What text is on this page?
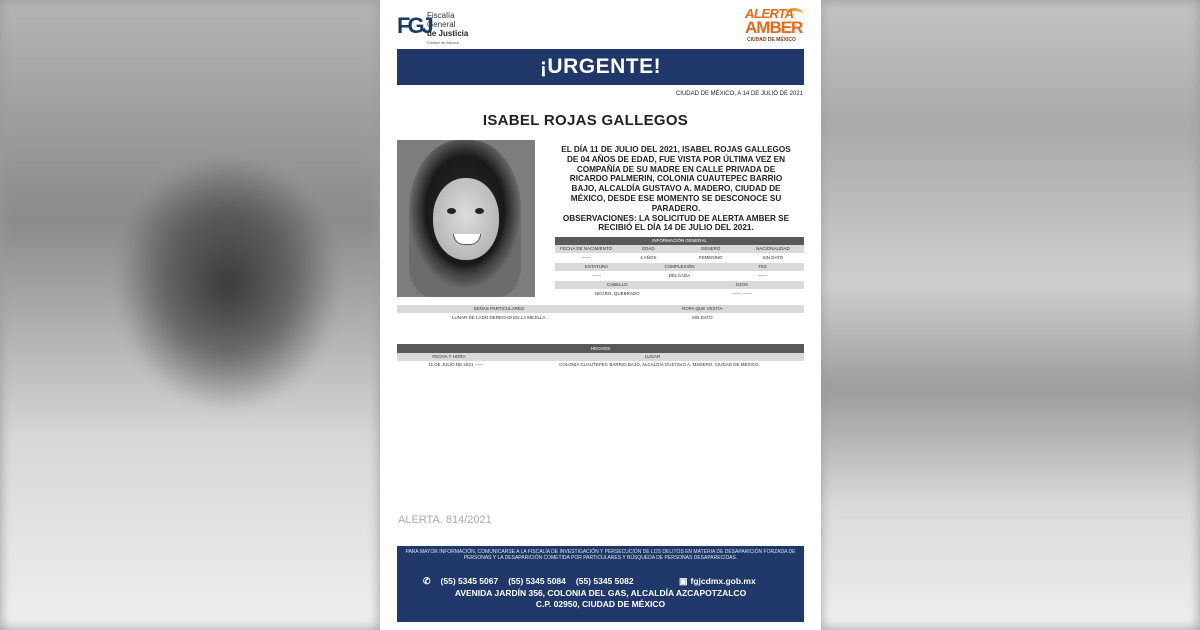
FGJ
Fiscalía
General
de Justicia
Ciudad de México
ALERTA
AMBER
CIUDAD DE MÉXICO
¡URGENTE!
CIUDAD DE MÉXICO, A 14 DE JULIO DE 2021
ISABEL ROJAS GALLEGOS
EL DÍA 11 DE JULIO DEL 2021, ISABEL ROJAS GALLEGOS DE 04 AÑOS DE EDAD, FUE VISTA POR ÚLTIMA VEZ EN COMPAÑÍA DE SU MADRE EN CALLE PRIVADA DE RICARDO PALMERIN, COLONIA CUAUTEPEC BARRIO BAJO, ALCALDÍA GUSTAVO A. MADERO, CIUDAD DE MÉXICO, DESDE ESE MOMENTO SE DESCONOCE SU PARADERO.
OBSERVACIONES: LA SOLICITUD DE ALERTA AMBER SE RECIBIÓ EL DÍA 14 DE JULIO DEL 2021.
INFORMACIÓN GENERAL
FECHA DE NACIMIENTO	EDAD	GÉNERO	NACIONALIDAD
------	4 AÑOS	FEMENINO	SIN DATO
ESTATURA	COMPLEXIÓN	TEZ
------	DELGADA	------
CABELLO	OJOS
NEGRO, QUEBRADO	------, ------
SEÑAS PARTICULARES	ROPA QUE VESTÍA
LUNAR DE LADO DERECHO EN LA MEJILLA	SIN DATO
HECHOS
FECHA Y HORA	LUGAR
11 DE JULIO DE 2021 ------	COLONIA CUAUTEPEC BARRIO BAJO, ALCALDÍA GUSTAVO A. MADERO, CIUDAD DE MÉXICO.
ALERTA. 814/2021
PARA MAYOR INFORMACIÓN, COMUNICARSE A LA FISCALÍA DE INVESTIGACIÓN Y PERSECUCIÓN DE LOS DELITOS EN MATERIA DE DESAPARICIÓN FORZADA DE PERSONAS Y LA DESAPARICIÓN COMETIDA POR PARTICULARES Y BÚSQUEDA DE PERSONAS DESAPARECIDAS.
✆ (55) 5345 5067 (55) 5345 5084 (55) 5345 5082	▣ fgjcdmx.gob.mx
AVENIDA JARDÍN 356, COLONIA DEL GAS, ALCALDÍA AZCAPOTZALCO
C.P. 02950, CIUDAD DE MÉXICO
